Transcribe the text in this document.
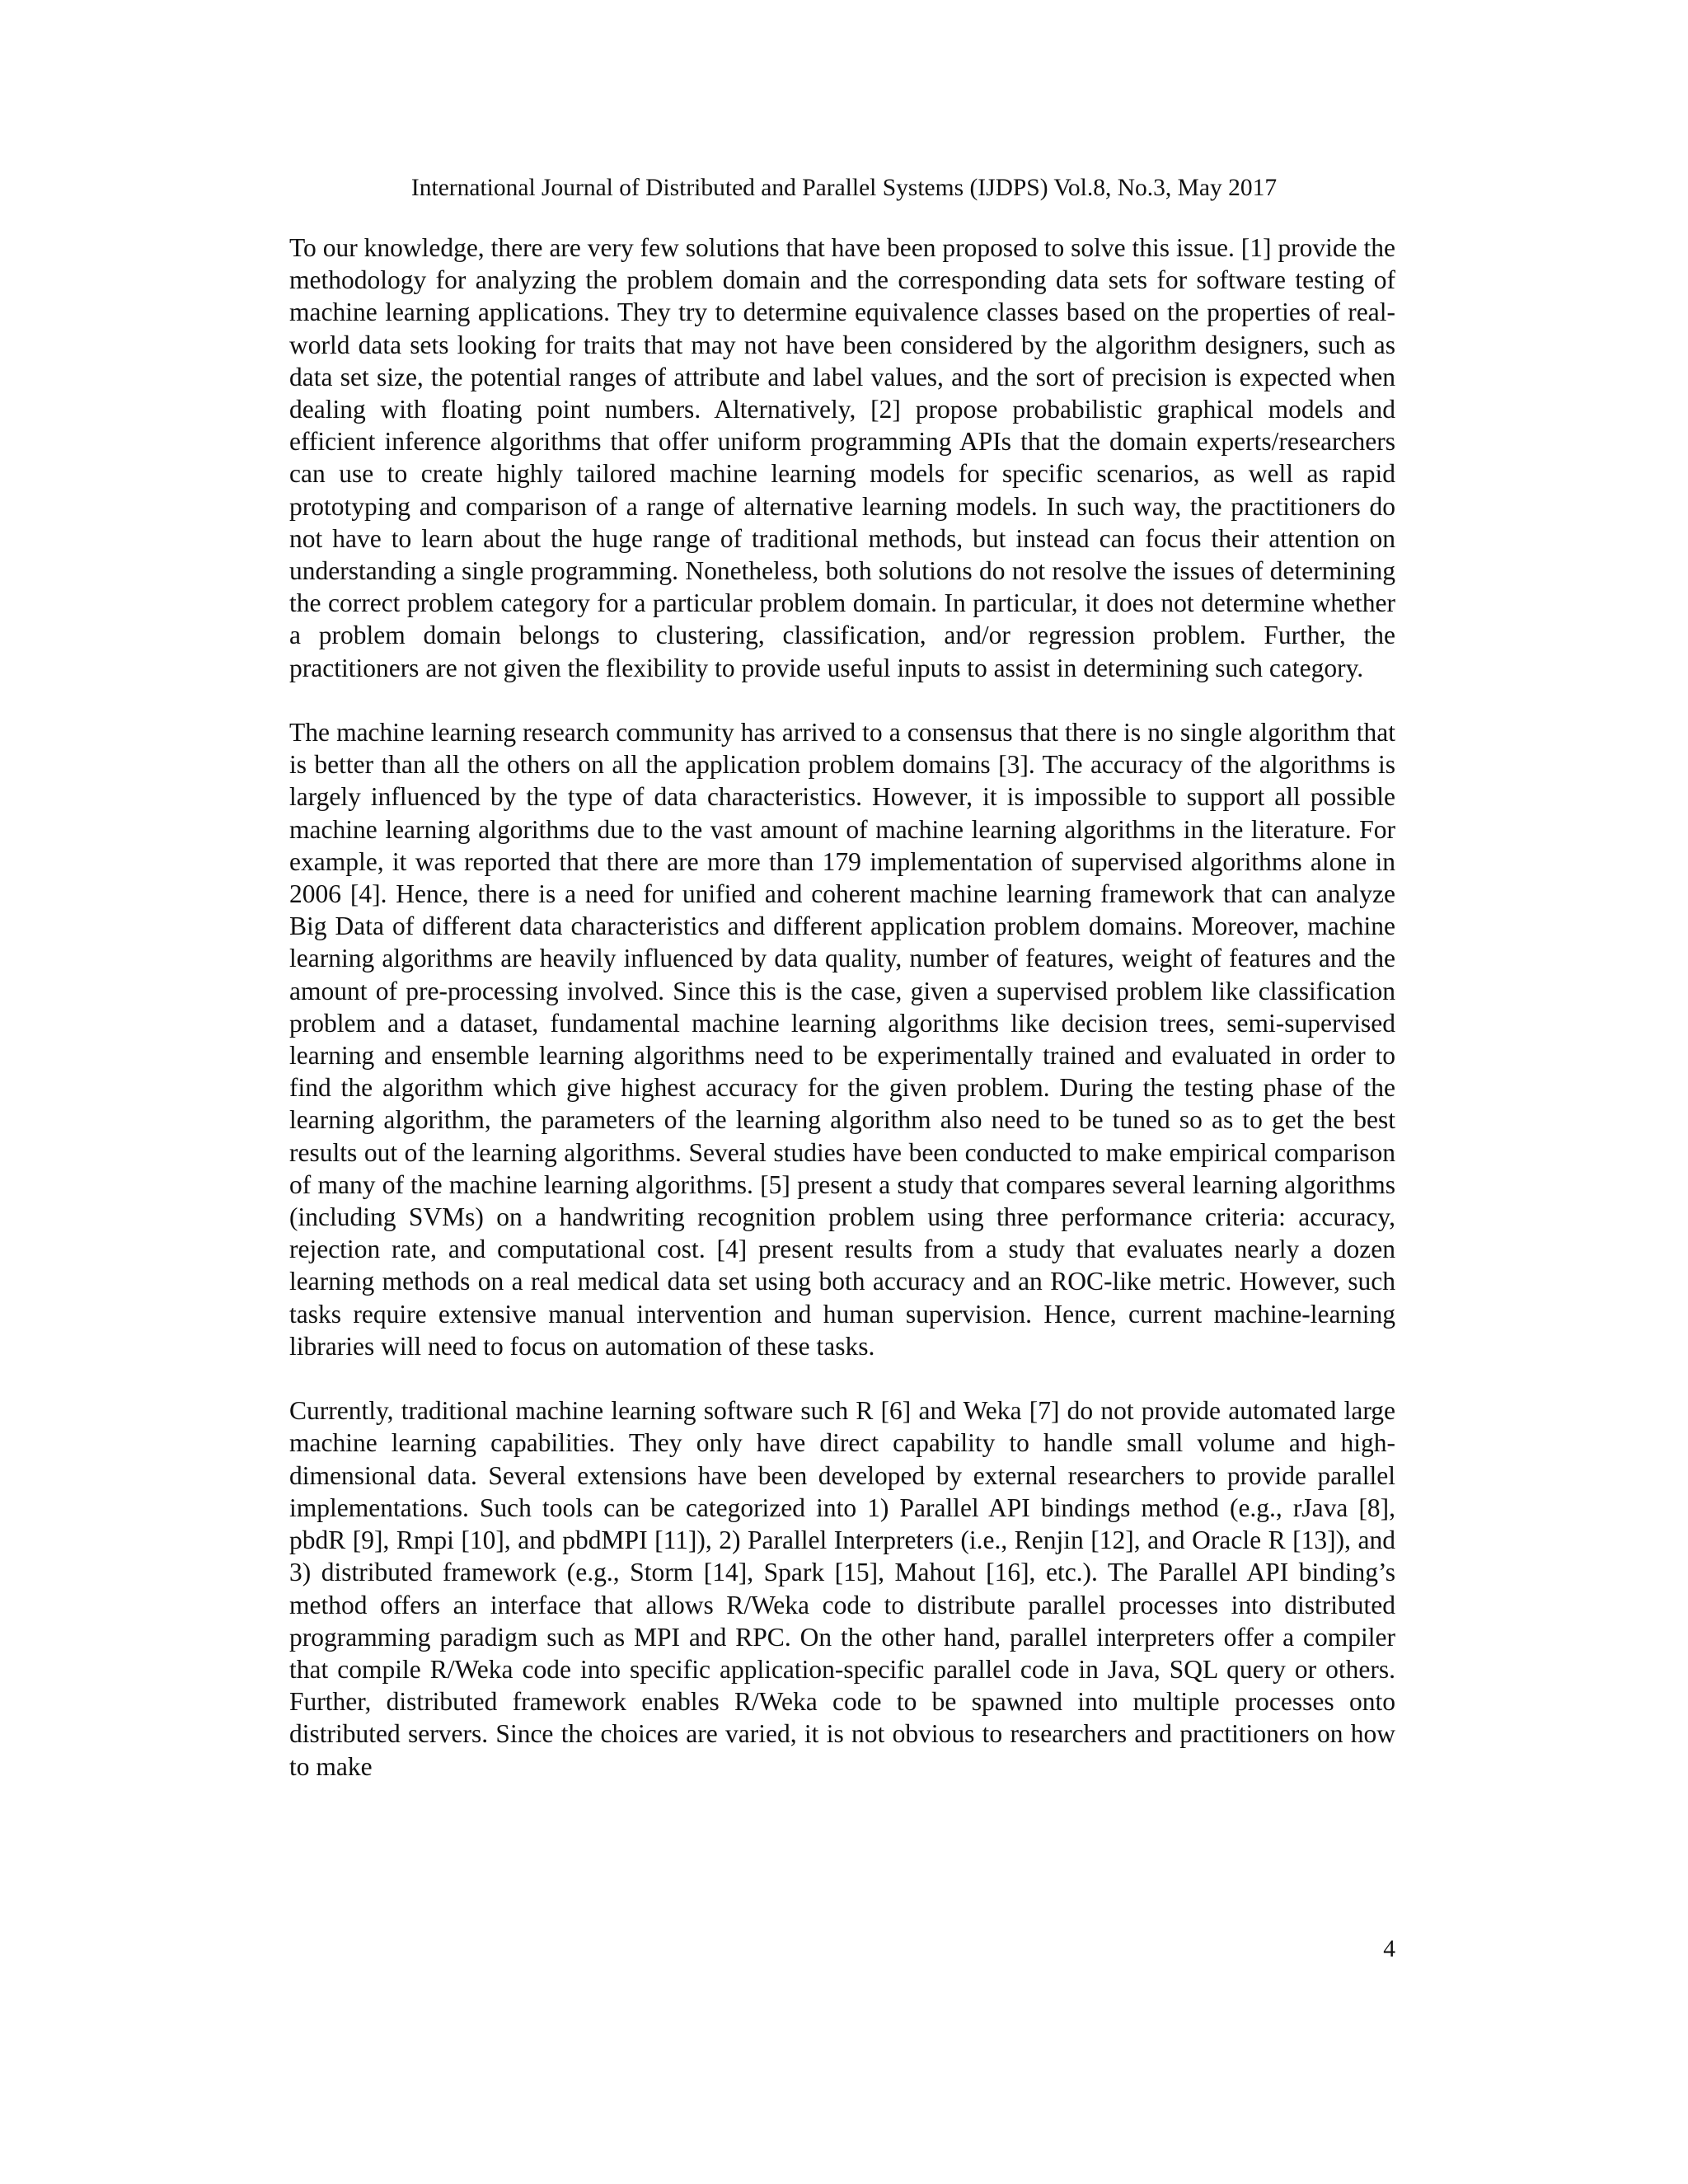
International Journal of Distributed and Parallel Systems (IJDPS) Vol.8, No.3, May 2017

To our knowledge, there are very few solutions that have been proposed to solve this issue. [1] provide the methodology for analyzing the problem domain and the corresponding data sets for software testing of machine learning applications. They try to determine equivalence classes based on the properties of real-world data sets looking for traits that may not have been considered by the algorithm designers, such as data set size, the potential ranges of attribute and label values, and the sort of precision is expected when dealing with floating point numbers. Alternatively, [2] propose probabilistic graphical models and efficient inference algorithms that offer uniform programming APIs that the domain experts/researchers can use to create highly tailored machine learning models for specific scenarios, as well as rapid prototyping and comparison of a range of alternative learning models. In such way, the practitioners do not have to learn about the huge range of traditional methods, but instead can focus their attention on understanding a single programming. Nonetheless, both solutions do not resolve the issues of determining the correct problem category for a particular problem domain. In particular, it does not determine whether a problem domain belongs to clustering, classification, and/or regression problem. Further, the practitioners are not given the flexibility to provide useful inputs to assist in determining such category.

The machine learning research community has arrived to a consensus that there is no single algorithm that is better than all the others on all the application problem domains [3]. The accuracy of the algorithms is largely influenced by the type of data characteristics. However, it is impossible to support all possible machine learning algorithms due to the vast amount of machine learning algorithms in the literature. For example, it was reported that there are more than 179 implementation of supervised algorithms alone in 2006 [4]. Hence, there is a need for unified and coherent machine learning framework that can analyze Big Data of different data characteristics and different application problem domains. Moreover, machine learning algorithms are heavily influenced by data quality, number of features, weight of features and the amount of pre-processing involved. Since this is the case, given a supervised problem like classification problem and a dataset, fundamental machine learning algorithms like decision trees, semi-supervised learning and ensemble learning algorithms need to be experimentally trained and evaluated in order to find the algorithm which give highest accuracy for the given problem. During the testing phase of the learning algorithm, the parameters of the learning algorithm also need to be tuned so as to get the best results out of the learning algorithms. Several studies have been conducted to make empirical comparison of many of the machine learning algorithms. [5] present a study that compares several learning algorithms (including SVMs) on a handwriting recognition problem using three performance criteria: accuracy, rejection rate, and computational cost. [4] present results from a study that evaluates nearly a dozen learning methods on a real medical data set using both accuracy and an ROC-like metric. However, such tasks require extensive manual intervention and human supervision. Hence, current machine-learning libraries will need to focus on automation of these tasks.

Currently, traditional machine learning software such R [6] and Weka [7] do not provide automated large machine learning capabilities. They only have direct capability to handle small volume and high-dimensional data. Several extensions have been developed by external researchers to provide parallel implementations. Such tools can be categorized into 1) Parallel API bindings method (e.g., rJava [8], pbdR [9], Rmpi [10], and pbdMPI [11]), 2) Parallel Interpreters (i.e., Renjin [12], and Oracle R [13]), and 3) distributed framework (e.g., Storm [14], Spark [15], Mahout [16], etc.). The Parallel API binding’s method offers an interface that allows R/Weka code to distribute parallel processes into distributed programming paradigm such as MPI and RPC. On the other hand, parallel interpreters offer a compiler that compile R/Weka code into specific application-specific parallel code in Java, SQL query or others. Further, distributed framework enables R/Weka code to be spawned into multiple processes onto distributed servers. Since the choices are varied, it is not obvious to researchers and practitioners on how to make

4
